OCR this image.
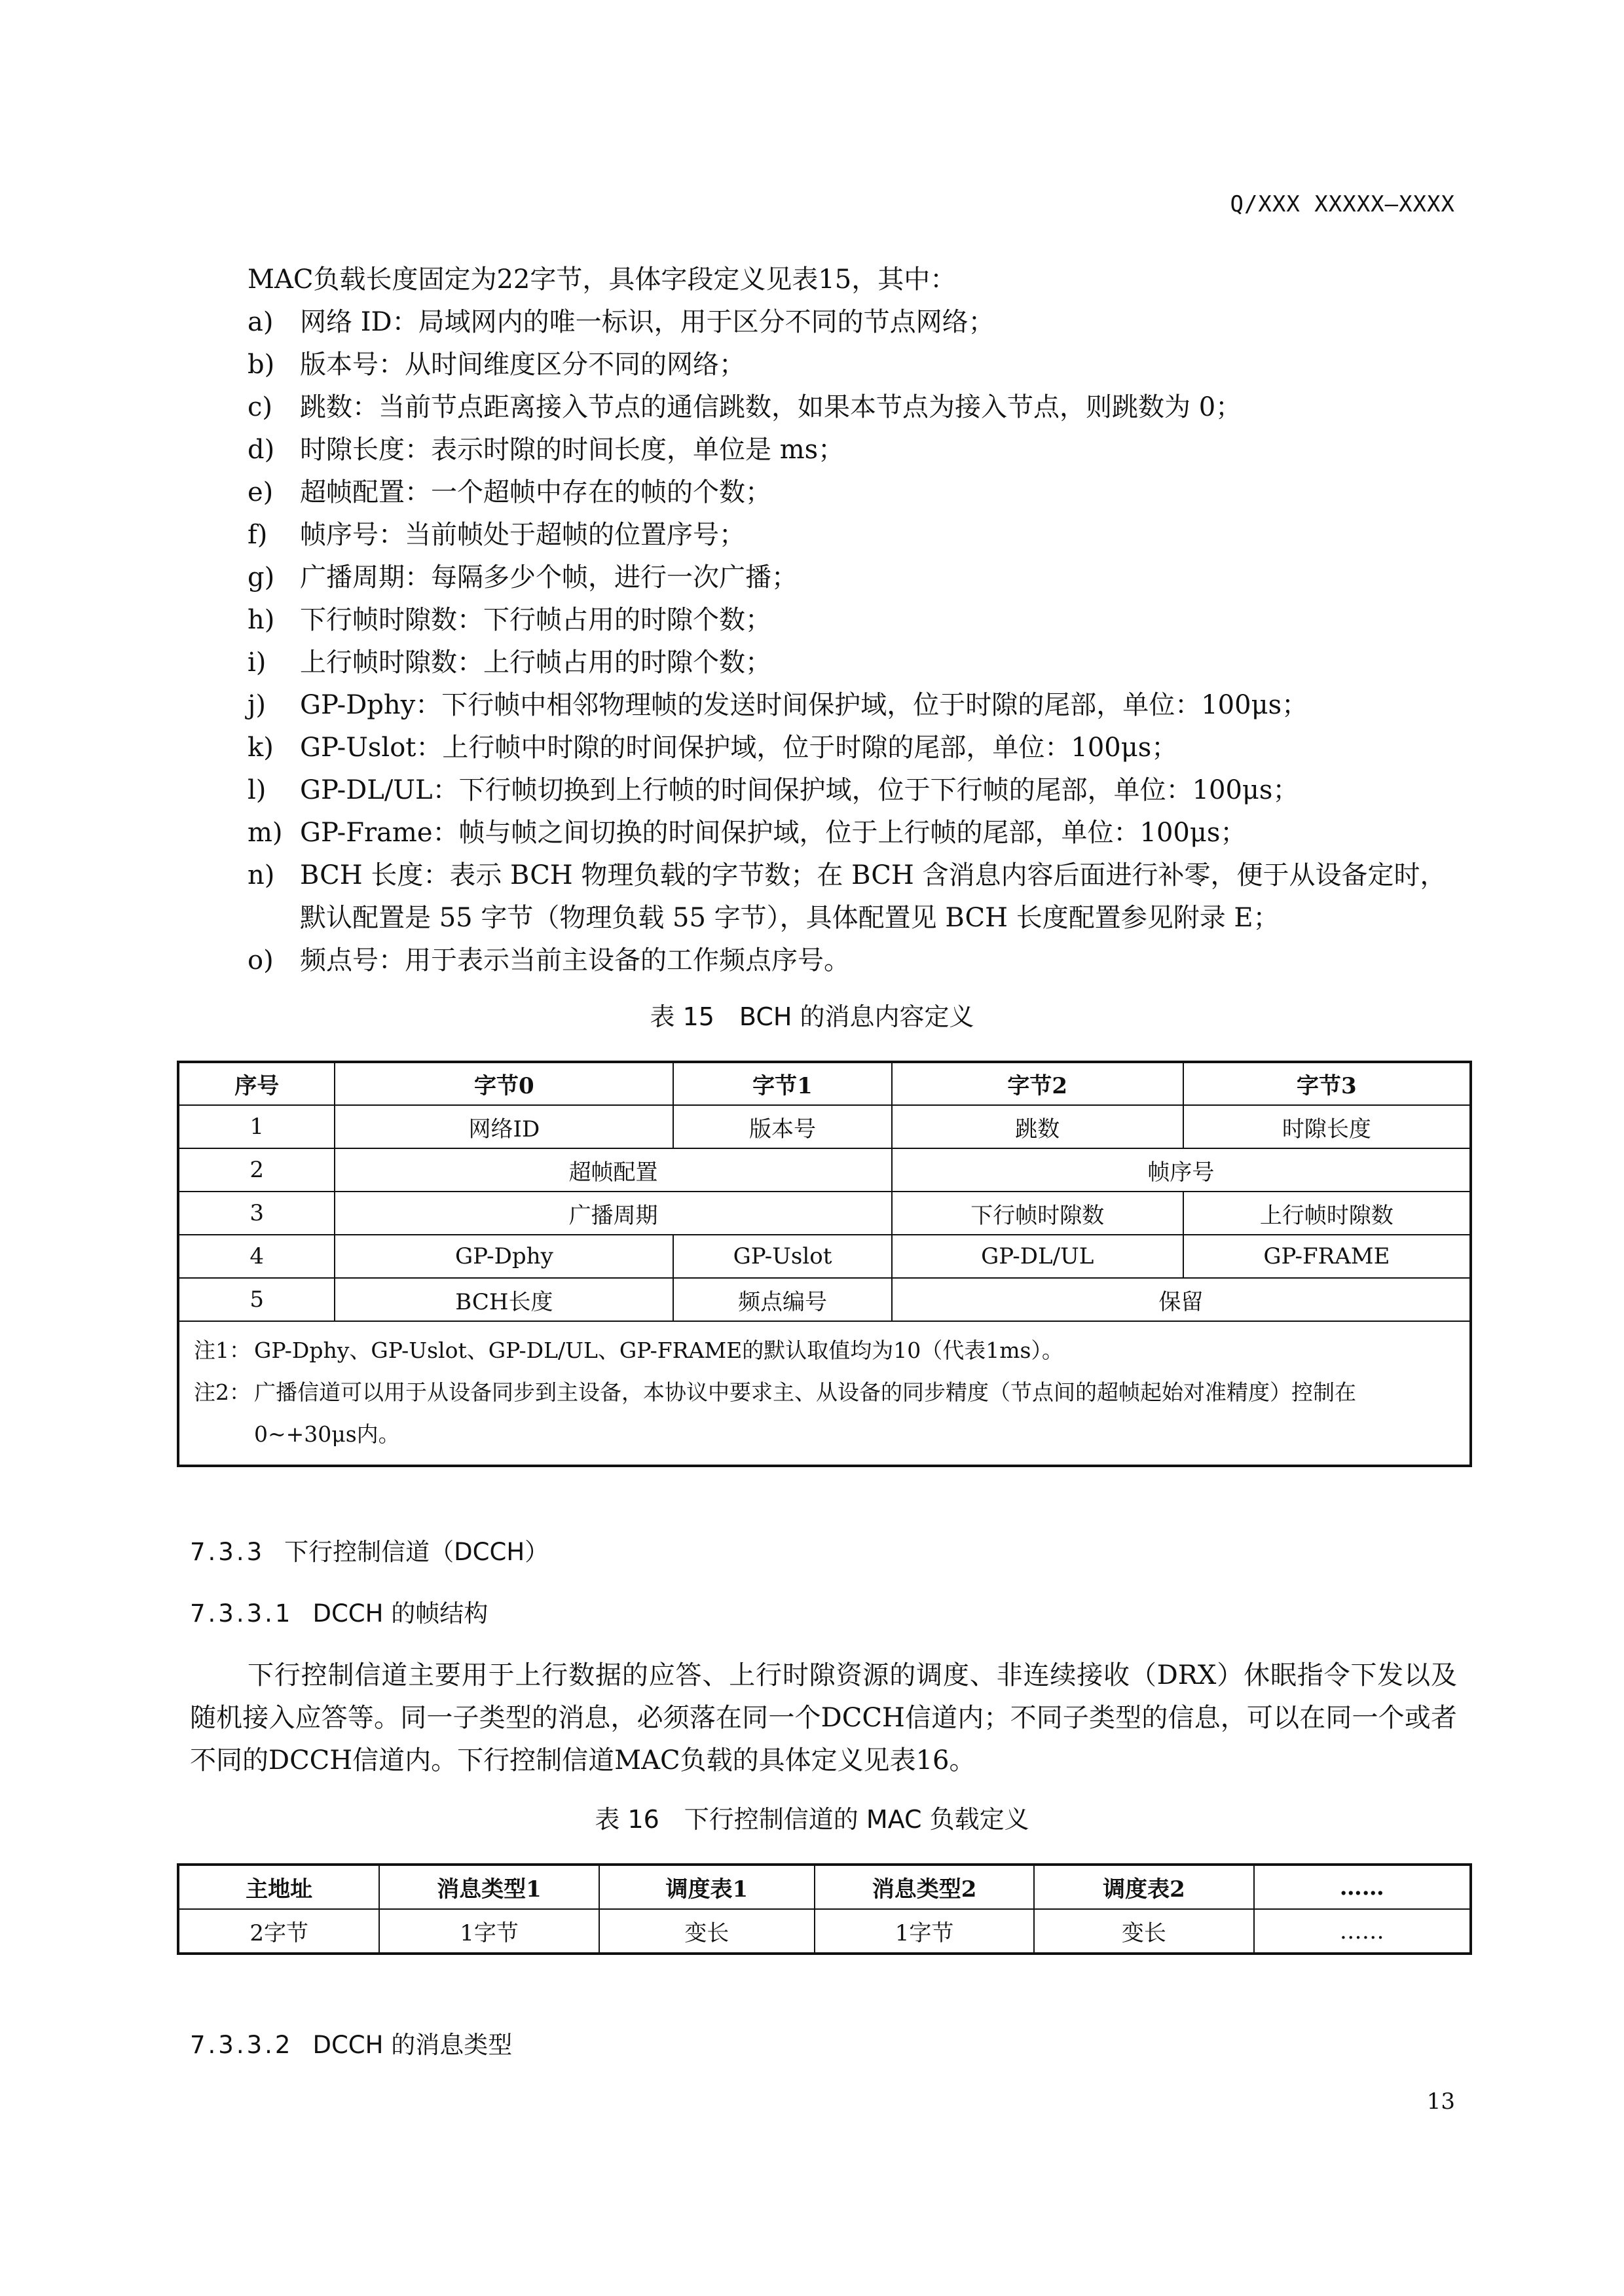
Q/XXX XXXXX—XXXX
MAC负载长度固定为22字节，具体字段定义见表15，其中：
a)	网络 ID：局域网内的唯一标识，用于区分不同的节点网络；
b) 版本号：从时间维度区分不同的网络；
c)	跳数：当前节点距离接入节点的通信跳数，如果本节点为接入节点，则跳数为 0；
d) 时隙长度：表示时隙的时间长度，单位是 ms；
e)	超帧配置：一个超帧中存在的帧的个数；
f)	帧序号：当前帧处于超帧的位置序号；
g) 广播周期：每隔多少个帧，进行一次广播；
h) 下行帧时隙数：下行帧占用的时隙个数；
i)	上行帧时隙数：上行帧占用的时隙个数；
j)	GP-Dphy：下行帧中相邻物理帧的发送时间保护域，位于时隙的尾部，单位：100μs；
k)	GP-Uslot：上行帧中时隙的时间保护域，位于时隙的尾部，单位：100μs；
l)	GP-DL/UL：下行帧切换到上行帧的时间保护域，位于下行帧的尾部，单位：100μs；
m) GP-Frame：帧与帧之间切换的时间保护域，位于上行帧的尾部，单位：100μs；
n) BCH 长度：表示 BCH 物理负载的字节数；在 BCH 含消息内容后面进行补零，便于从设备定时，默认配置是 55 字节（物理负载 55 字节），具体配置见 BCH 长度配置参见附录 E；
o)	频点号：用于表示当前主设备的工作频点序号。
表 15　BCH 的消息内容定义
序号	字节0	字节1	字节2	字节3
1	网络ID	版本号	跳数	时隙长度
2	超帧配置		帧序号	
3	广播周期		下行帧时隙数	上行帧时隙数
4	GP-Dphy	GP-Uslot	GP-DL/UL	GP-FRAME
5	BCH长度	频点编号	保留	

注1： GP-Dphy、GP-Uslot、GP-DL/UL、GP-FRAME的默认取值均为10（代表1ms）。
注2： 广播信道可以用于从设备同步到主设备，本协议中要求主、从设备的同步精度（节点间的超帧起始对准精度）控制在0~+30μs内。				
7.3.3 下行控制信道（DCCH）
7.3.3.1 DCCH 的帧结构
下行控制信道主要用于上行数据的应答、上行时隙资源的调度、非连续接收（DRX）休眠指令下发以及随机接入应答等。同一子类型的消息，必须落在同一个DCCH信道内；不同子类型的信息，可以在同一个或者不同的DCCH信道内。下行控制信道MAC负载的具体定义见表16。
表 16　下行控制信道的 MAC 负载定义
主地址	消息类型1	调度表1	消息类型2	调度表2	……
2字节	1字节	变长	1字节	变长	……
7.3.3.2 DCCH 的消息类型
13
